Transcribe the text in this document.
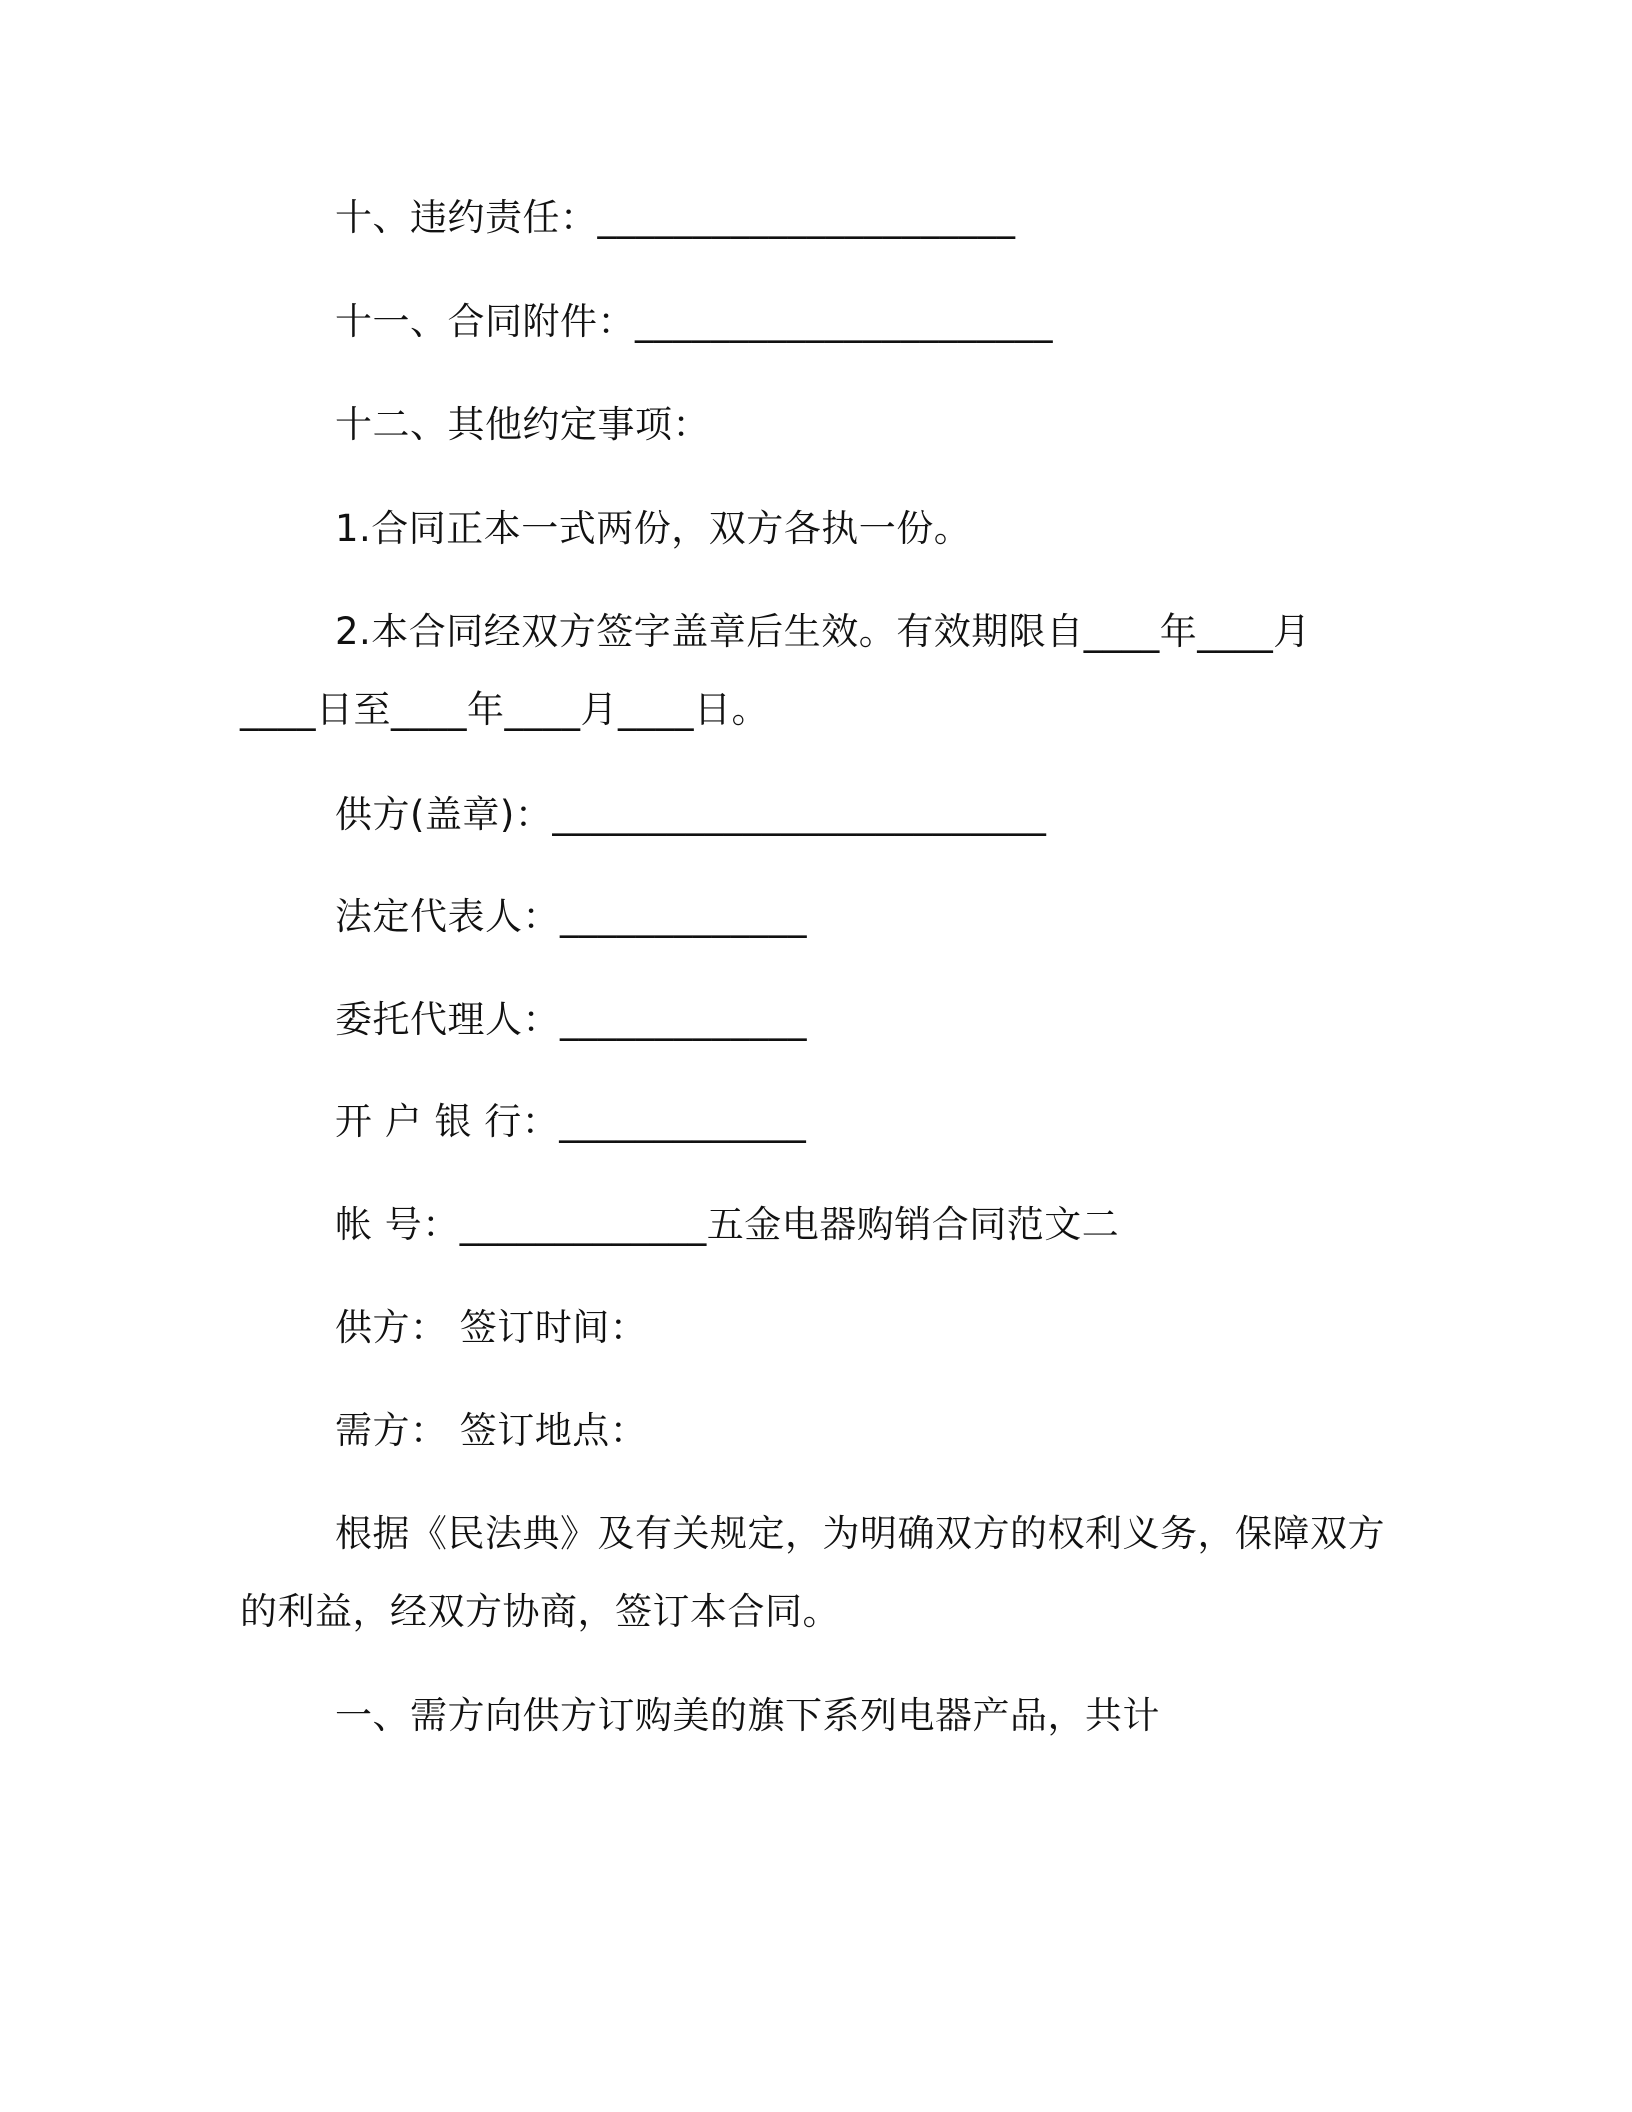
十、违约责任：______________________
十一、合同附件：______________________
十二、其他约定事项：
1.合同正本一式两份，双方各执一份。
2.本合同经双方签字盖章后生效。有效期限自____年____月
____日至____年____月____日。
供方(盖章)：__________________________
法定代表人：_____________
委托代理人：_____________
开 户 银 行：_____________
帐 号：_____________五金电器购销合同范文二
供方： 签订时间：
需方： 签订地点：
根据《民法典》及有关规定，为明确双方的权利义务，保障双方
的利益，经双方协商，签订本合同。
一、需方向供方订购美的旗下系列电器产品，共计
